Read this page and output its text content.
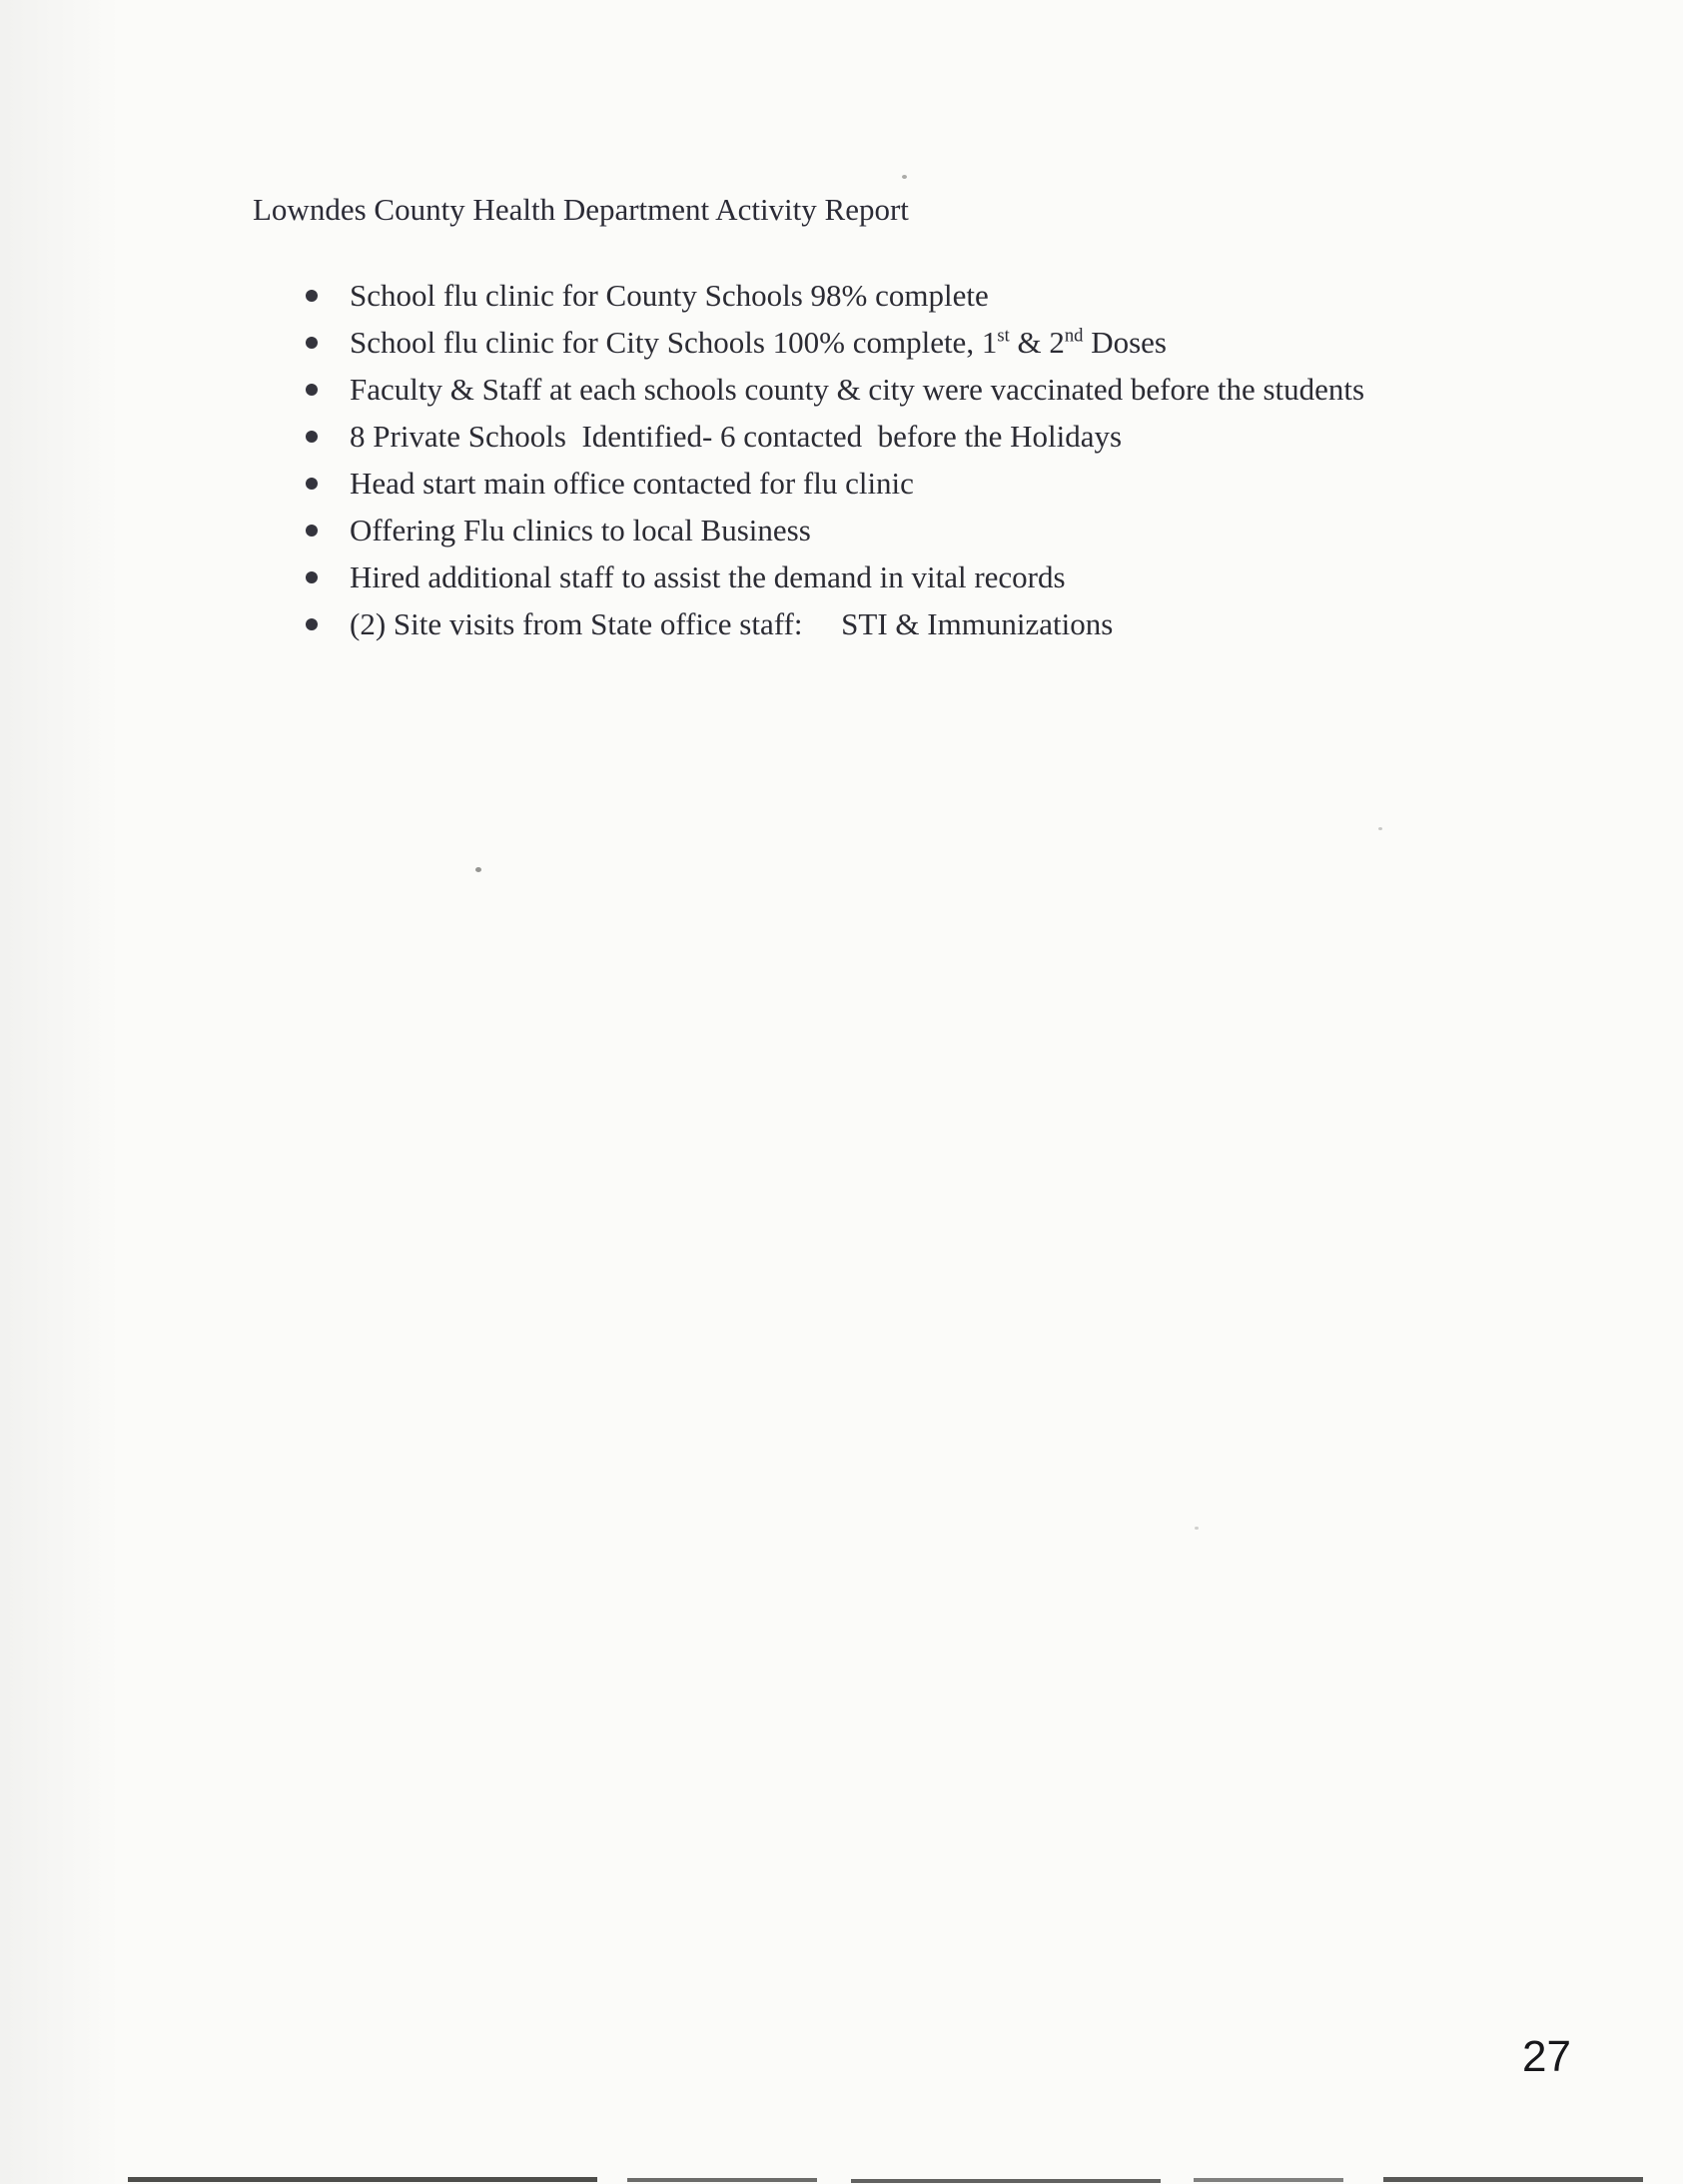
Lowndes County Health Department Activity Report
School flu clinic for County Schools 98% complete
School flu clinic for City Schools 100% complete, 1st & 2nd Doses
Faculty & Staff at each schools county & city were vaccinated before the students
8 Private Schools  Identified- 6 contacted  before the Holidays
Head start main office contacted for flu clinic
Offering Flu clinics to local Business
Hired additional staff to assist the demand in vital records
(2) Site visits from State office staff:     STI & Immunizations
27
